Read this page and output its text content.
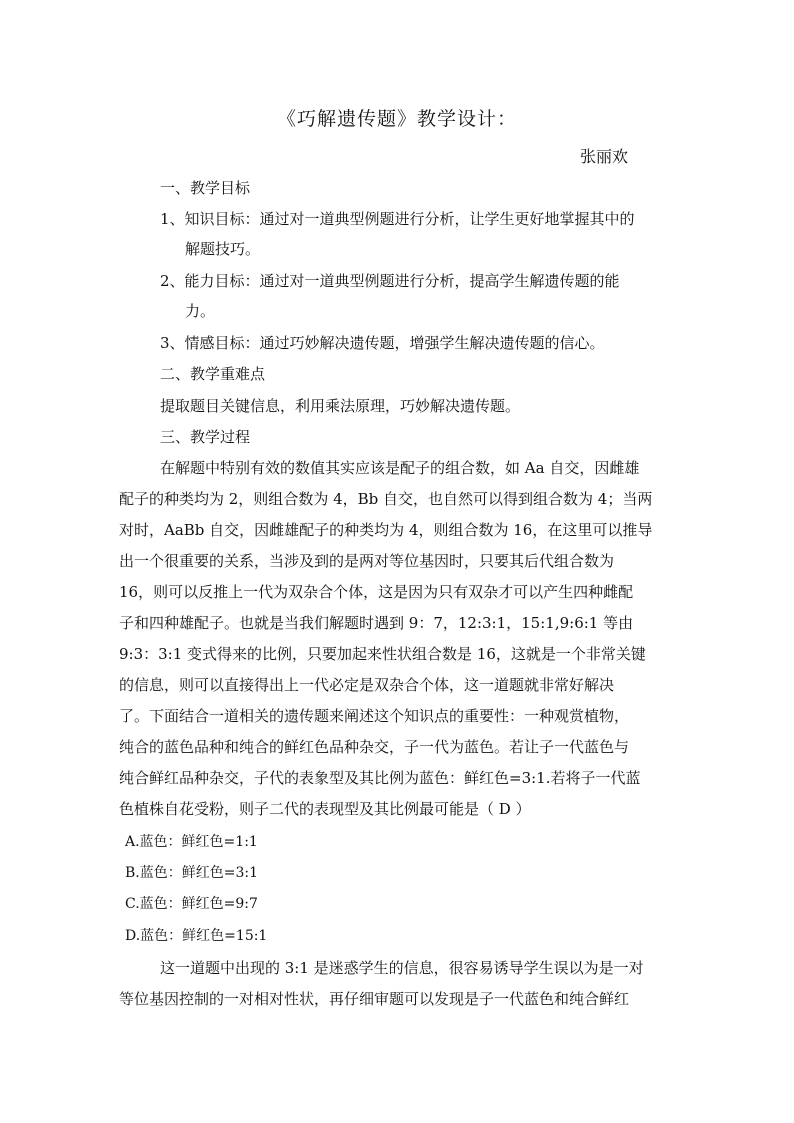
《巧解遗传题》教学设计：
张丽欢
一、教学目标
1、知识目标：通过对一道典型例题进行分析，让学生更好地掌握其中的
解题技巧。
2、能力目标：通过对一道典型例题进行分析，提高学生解遗传题的能
力。
3、情感目标：通过巧妙解决遗传题，增强学生解决遗传题的信心。
二、教学重难点
提取题目关键信息，利用乘法原理，巧妙解决遗传题。
三、教学过程
在解题中特别有效的数值其实应该是配子的组合数，如 Aa 自交，因雌雄
配子的种类均为 2，则组合数为 4，Bb 自交，也自然可以得到组合数为 4；当两
对时，AaBb 自交，因雌雄配子的种类均为 4，则组合数为 16，在这里可以推导
出一个很重要的关系，当涉及到的是两对等位基因时，只要其后代组合数为
16，则可以反推上一代为双杂合个体，这是因为只有双杂才可以产生四种雌配
子和四种雄配子。也就是当我们解题时遇到 9：7，12:3:1，15:1,9:6:1 等由
9:3：3:1 变式得来的比例，只要加起来性状组合数是 16，这就是一个非常关键
的信息，则可以直接得出上一代必定是双杂合个体，这一道题就非常好解决
了。下面结合一道相关的遗传题来阐述这个知识点的重要性：一种观赏植物，
纯合的蓝色品种和纯合的鲜红色品种杂交，子一代为蓝色。若让子一代蓝色与
纯合鲜红品种杂交，子代的表象型及其比例为蓝色：鲜红色=3:1.若将子一代蓝
色植株自花受粉，则子二代的表现型及其比例最可能是（ D ）
A.蓝色：鲜红色=1:1
B.蓝色：鲜红色=3:1
C.蓝色：鲜红色=9:7
D.蓝色：鲜红色=15:1
这一道题中出现的 3:1 是迷惑学生的信息，很容易诱导学生误以为是一对
等位基因控制的一对相对性状，再仔细审题可以发现是子一代蓝色和纯合鲜红
